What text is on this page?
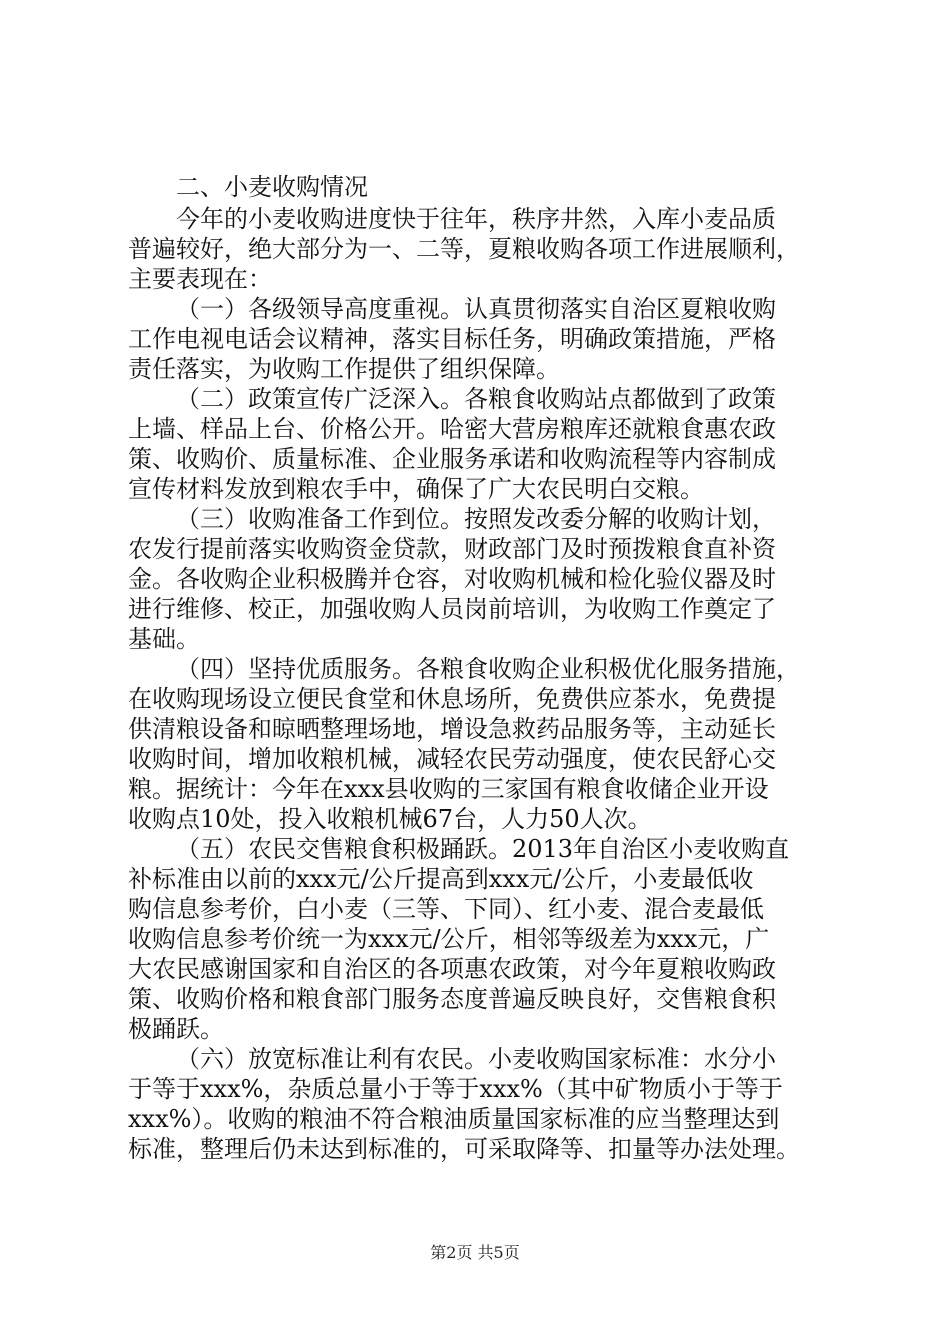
二、小麦收购情况

今年的小麦收购进度快于往年，秩序井然，入库小麦品质
普遍较好，绝大部分为一、二等，夏粮收购各项工作进展顺利，
主要表现在：

（一）各级领导高度重视。认真贯彻落实自治区夏粮收购
工作电视电话会议精神，落实目标任务，明确政策措施，严格
责任落实，为收购工作提供了组织保障。

（二）政策宣传广泛深入。各粮食收购站点都做到了政策
上墙、样品上台、价格公开。哈密大营房粮库还就粮食惠农政
策、收购价、质量标准、企业服务承诺和收购流程等内容制成
宣传材料发放到粮农手中，确保了广大农民明白交粮。

（三）收购准备工作到位。按照发改委分解的收购计划，
农发行提前落实收购资金贷款，财政部门及时预拨粮食直补资
金。各收购企业积极腾并仓容，对收购机械和检化验仪器及时
进行维修、校正，加强收购人员岗前培训，为收购工作奠定了
基础。

（四）坚持优质服务。各粮食收购企业积极优化服务措施，
在收购现场设立便民食堂和休息场所，免费供应茶水，免费提
供清粮设备和晾晒整理场地，增设急救药品服务等，主动延长
收购时间，增加收粮机械，减轻农民劳动强度，使农民舒心交
粮。据统计：今年在xxx县收购的三家国有粮食收储企业开设
收购点10处，投入收粮机械67台，人力50人次。

（五）农民交售粮食积极踊跃。2013年自治区小麦收购直
补标准由以前的xxx元/公斤提高到xxx元/公斤，小麦最低收
购信息参考价，白小麦（三等、下同）、红小麦、混合麦最低
收购信息参考价统一为xxx元/公斤，相邻等级差为xxx元，广
大农民感谢国家和自治区的各项惠农政策，对今年夏粮收购政
策、收购价格和粮食部门服务态度普遍反映良好，交售粮食积
极踊跃。

（六）放宽标准让利有农民。小麦收购国家标准：水分小
于等于xxx%，杂质总量小于等于xxx%（其中矿物质小于等于
xxx%）。收购的粮油不符合粮油质量国家标准的应当整理达到
标准，整理后仍未达到标准的，可采取降等、扣量等办法处理。

第2页 共5页
